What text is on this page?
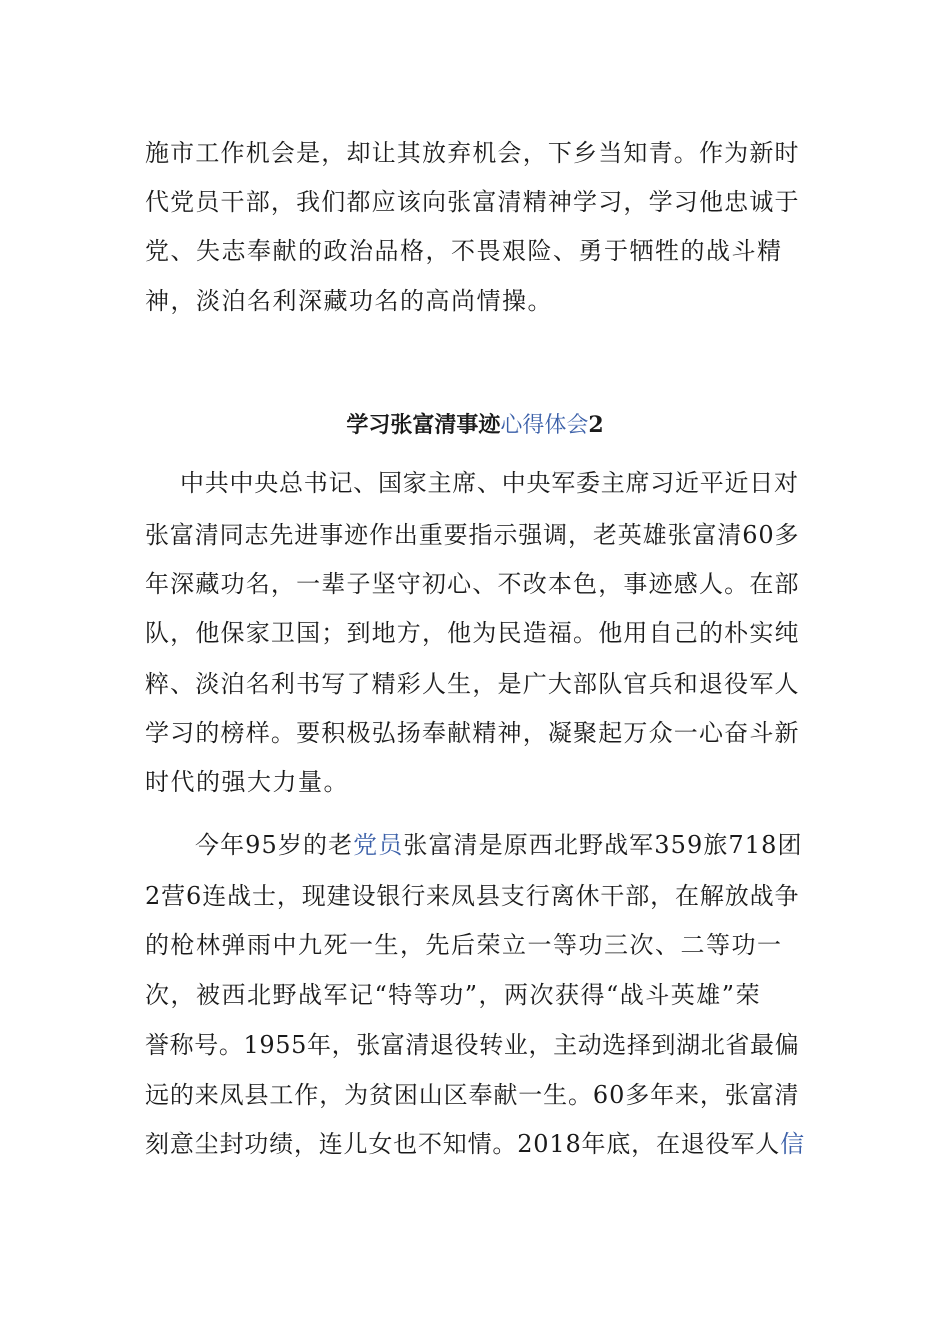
施市工作机会是，却让其放弃机会，下乡当知青。作为新时
代党员干部，我们都应该向张富清精神学习，学习他忠诚于
党、失志奉献的政治品格，不畏艰险、勇于牺牲的战斗精
神，淡泊名利深藏功名的高尚情操。
学习张富清事迹心得体会2
中共中央总书记、国家主席、中央军委主席习近平近日对
张富清同志先进事迹作出重要指示强调，老英雄张富清60多
年深藏功名，一辈子坚守初心、不改本色，事迹感人。在部
队，他保家卫国；到地方，他为民造福。他用自己的朴实纯
粹、淡泊名利书写了精彩人生，是广大部队官兵和退役军人
学习的榜样。要积极弘扬奉献精神，凝聚起万众一心奋斗新
时代的强大力量。
今年95岁的老党员张富清是原西北野战军359旅718团
2营6连战士，现建设银行来凤县支行离休干部，在解放战争
的枪林弹雨中九死一生，先后荣立一等功三次、二等功一
次，被西北野战军记“特等功”，两次获得“战斗英雄”荣
誉称号。1955年，张富清退役转业，主动选择到湖北省最偏
远的来凤县工作，为贫困山区奉献一生。60多年来，张富清
刻意尘封功绩，连儿女也不知情。2018年底，在退役军人信
